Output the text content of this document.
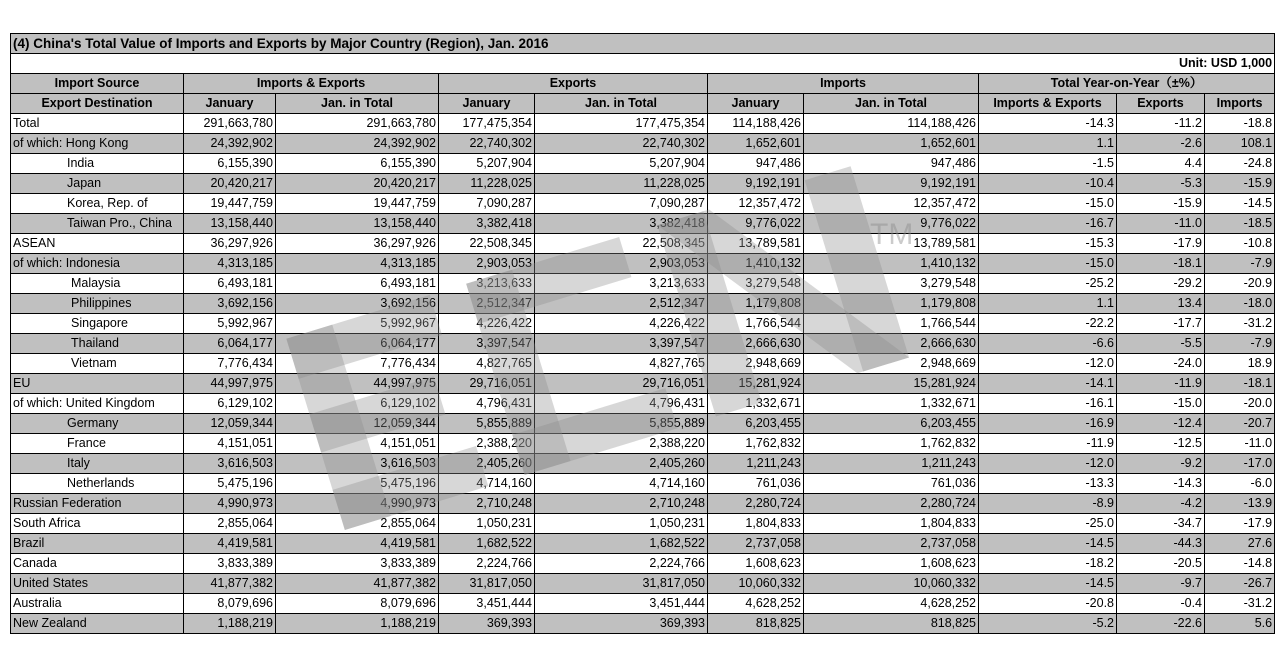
(4) China's Total Value of Imports and Exports by Major Country (Region), Jan. 2016									
Unit: USD 1,000									
Import Source	Imports & Exports		Exports		Imports		Total Year-on-Year（±%）		
Export Destination	January	Jan. in Total	January	Jan. in Total	January	Jan. in Total	Imports & Exports	Exports	Imports
Total	291,663,780	291,663,780	177,475,354	177,475,354	114,188,426	114,188,426	-14.3	-11.2	-18.8
of which: Hong Kong	24,392,902	24,392,902	22,740,302	22,740,302	1,652,601	1,652,601	1.1	-2.6	108.1
India	6,155,390	6,155,390	5,207,904	5,207,904	947,486	947,486	-1.5	4.4	-24.8
Japan	20,420,217	20,420,217	11,228,025	11,228,025	9,192,191	9,192,191	-10.4	-5.3	-15.9
Korea, Rep. of	19,447,759	19,447,759	7,090,287	7,090,287	12,357,472	12,357,472	-15.0	-15.9	-14.5
Taiwan Pro., China	13,158,440	13,158,440	3,382,418	3,382,418	9,776,022	9,776,022	-16.7	-11.0	-18.5
ASEAN	36,297,926	36,297,926	22,508,345	22,508,345	13,789,581	13,789,581	-15.3	-17.9	-10.8
of which: Indonesia	4,313,185	4,313,185	2,903,053	2,903,053	1,410,132	1,410,132	-15.0	-18.1	-7.9
Malaysia	6,493,181	6,493,181	3,213,633	3,213,633	3,279,548	3,279,548	-25.2	-29.2	-20.9
Philippines	3,692,156	3,692,156	2,512,347	2,512,347	1,179,808	1,179,808	1.1	13.4	-18.0
Singapore	5,992,967	5,992,967	4,226,422	4,226,422	1,766,544	1,766,544	-22.2	-17.7	-31.2
Thailand	6,064,177	6,064,177	3,397,547	3,397,547	2,666,630	2,666,630	-6.6	-5.5	-7.9
Vietnam	7,776,434	7,776,434	4,827,765	4,827,765	2,948,669	2,948,669	-12.0	-24.0	18.9
EU	44,997,975	44,997,975	29,716,051	29,716,051	15,281,924	15,281,924	-14.1	-11.9	-18.1
of which: United Kingdom	6,129,102	6,129,102	4,796,431	4,796,431	1,332,671	1,332,671	-16.1	-15.0	-20.0
Germany	12,059,344	12,059,344	5,855,889	5,855,889	6,203,455	6,203,455	-16.9	-12.4	-20.7
France	4,151,051	4,151,051	2,388,220	2,388,220	1,762,832	1,762,832	-11.9	-12.5	-11.0
Italy	3,616,503	3,616,503	2,405,260	2,405,260	1,211,243	1,211,243	-12.0	-9.2	-17.0
Netherlands	5,475,196	5,475,196	4,714,160	4,714,160	761,036	761,036	-13.3	-14.3	-6.0
Russian Federation	4,990,973	4,990,973	2,710,248	2,710,248	2,280,724	2,280,724	-8.9	-4.2	-13.9
South Africa	2,855,064	2,855,064	1,050,231	1,050,231	1,804,833	1,804,833	-25.0	-34.7	-17.9
Brazil	4,419,581	4,419,581	1,682,522	1,682,522	2,737,058	2,737,058	-14.5	-44.3	27.6
Canada	3,833,389	3,833,389	2,224,766	2,224,766	1,608,623	1,608,623	-18.2	-20.5	-14.8
United States	41,877,382	41,877,382	31,817,050	31,817,050	10,060,332	10,060,332	-14.5	-9.7	-26.7
Australia	8,079,696	8,079,696	3,451,444	3,451,444	4,628,252	4,628,252	-20.8	-0.4	-31.2
New Zealand	1,188,219	1,188,219	369,393	369,393	818,825	818,825	-5.2	-22.6	5.6
TM
